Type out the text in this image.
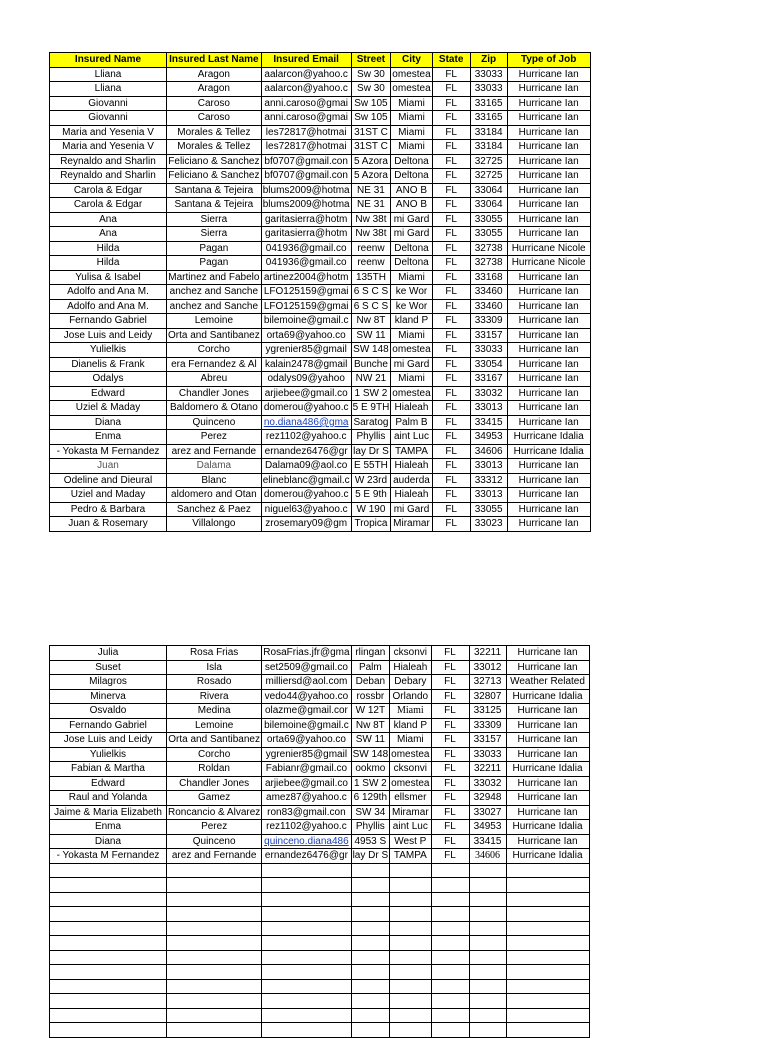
Insured Name	Insured Last Name	Insured Email	Street	City	State	Zip	Type of Job
Lliana	Aragon	aalarcon@yahoo.c	Sw 30	omestea	FL	33033	Hurricane Ian
Lliana	Aragon	aalarcon@yahoo.c	Sw 30	omestea	FL	33033	Hurricane Ian
Giovanni	Caroso	anni.caroso@gmai	Sw 105	Miami	FL	33165	Hurricane Ian
Giovanni	Caroso	anni.caroso@gmai	Sw 105	Miami	FL	33165	Hurricane Ian
Maria and Yesenia V	Morales & Tellez	les72817@hotmai	31ST C	Miami	FL	33184	Hurricane Ian
Maria and Yesenia V	Morales & Tellez	les72817@hotmai	31ST C	Miami	FL	33184	Hurricane Ian
Reynaldo and Sharlin	Feliciano & Sanchez	bf0707@gmail.con	5 Azora	Deltona	FL	32725	Hurricane Ian
Reynaldo and Sharlin	Feliciano & Sanchez	bf0707@gmail.con	5 Azora	Deltona	FL	32725	Hurricane Ian
Carola & Edgar	Santana & Tejeira	blums2009@hotma	NE 31	ANO B	FL	33064	Hurricane Ian
Carola & Edgar	Santana & Tejeira	blums2009@hotma	NE 31	ANO B	FL	33064	Hurricane Ian
Ana	Sierra	garitasierra@hotm	Nw 38t	mi Gard	FL	33055	Hurricane Ian
Ana	Sierra	garitasierra@hotm	Nw 38t	mi Gard	FL	33055	Hurricane Ian
Hilda	Pagan	041936@gmail.co	reenw	Deltona	FL	32738	Hurricane Nicole
Hilda	Pagan	041936@gmail.co	reenw	Deltona	FL	32738	Hurricane Nicole
Yulisa & Isabel	Martinez and Fabelo	artinez2004@hotm	135TH	Miami	FL	33168	Hurricane Ian
Adolfo and Ana M.	anchez and Sanche	LFO125159@gmai	6 S C S	ke Wor	FL	33460	Hurricane Ian
Adolfo and Ana M.	anchez and Sanche	LFO125159@gmai	6 S C S	ke Wor	FL	33460	Hurricane Ian
Fernando Gabriel	Lemoine	bilemoine@gmail.c	Nw 8T	kland P	FL	33309	Hurricane Ian
Jose Luis and Leidy	Orta and Santibanez	orta69@yahoo.co	SW 11	Miami	FL	33157	Hurricane Ian
Yulielkis	Corcho	ygrenier85@gmail	SW 148	omestea	FL	33033	Hurricane Ian
Dianelis & Frank	era Fernandez & Al	kalain2478@gmail	Bunche	mi Gard	FL	33054	Hurricane Ian
Odalys	Abreu	odalys09@yahoo	NW 21	Miami	FL	33167	Hurricane Ian
Edward	Chandler Jones	arjiebee@gmail.co	1 SW 2	omestea	FL	33032	Hurricane Ian
Uziel & Maday	Baldomero & Otano	domerou@yahoo.c	5 E 9TH	Hialeah	FL	33013	Hurricane Ian
Diana	Quinceno	no.diana486@gma	Saratog	Palm B	FL	33415	Hurricane Ian
Enma	Perez	rez1102@yahoo.c	Phyllis	aint Luc	FL	34953	Hurricane Idalia
- Yokasta M Fernandez	arez and Fernande	ernandez6476@gr	lay Dr S	TAMPA	FL	34606	Hurricane Idalia
Juan	Dalama	Dalama09@aol.co	E 55TH	Hialeah	FL	33013	Hurricane Ian
Odeline and Dieural	Blanc	elineblanc@gmail.c	W 23rd	auderda	FL	33312	Hurricane Ian
Uziel and Maday	aldomero and Otan	domerou@yahoo.c	5 E 9th	Hialeah	FL	33013	Hurricane Ian
Pedro & Barbara	Sanchez & Paez	niguel63@yahoo.c	W 190	mi Gard	FL	33055	Hurricane Ian
Juan & Rosemary	Villalongo	zrosemary09@gm	Tropica	Miramar	FL	33023	Hurricane Ian
Julia	Rosa Frias	RosaFrias.jfr@gma	rlingan	cksonvi	FL	32211	Hurricane Ian
Suset	Isla	set2509@gmail.co	Palm	Hialeah	FL	33012	Hurricane Ian
Milagros	Rosado	milliersd@aol.com	Deban	Debary	FL	32713	Weather Related
Minerva	Rivera	vedo44@yahoo.co	rossbr	Orlando	FL	32807	Hurricane Idalia
Osvaldo	Medina	olazme@gmail.cor	W 12T	Miami	FL	33125	Hurricane Ian
Fernando Gabriel	Lemoine	bilemoine@gmail.c	Nw 8T	kland P	FL	33309	Hurricane Ian
Jose Luis and Leidy	Orta and Santibanez	orta69@yahoo.co	SW 11	Miami	FL	33157	Hurricane Ian
Yulielkis	Corcho	ygrenier85@gmail	SW 148	omestea	FL	33033	Hurricane Ian
Fabian & Martha	Roldan	Fabianr@gmail.co	ookmo	cksonvi	FL	32211	Hurricane Idalia
Edward	Chandler Jones	arjiebee@gmail.co	1 SW 2	omestea	FL	33032	Hurricane Ian
Raul and Yolanda	Gamez	amez87@yahoo.c	6 129th	ellsmer	FL	32948	Hurricane Ian
Jaime & Maria Elizabeth	Roncancio & Alvarez	ron83@gmail.con	SW 34	Miramar	FL	33027	Hurricane Ian
Enma	Perez	rez1102@yahoo.c	Phyllis	aint Luc	FL	34953	Hurricane Idalia
Diana	Quinceno	quinceno.diana486	4953 S	West P	FL	33415	Hurricane Ian
- Yokasta M Fernandez	arez and Fernande	ernandez6476@gr	lay Dr S	TAMPA	FL	34606	Hurricane Idalia
